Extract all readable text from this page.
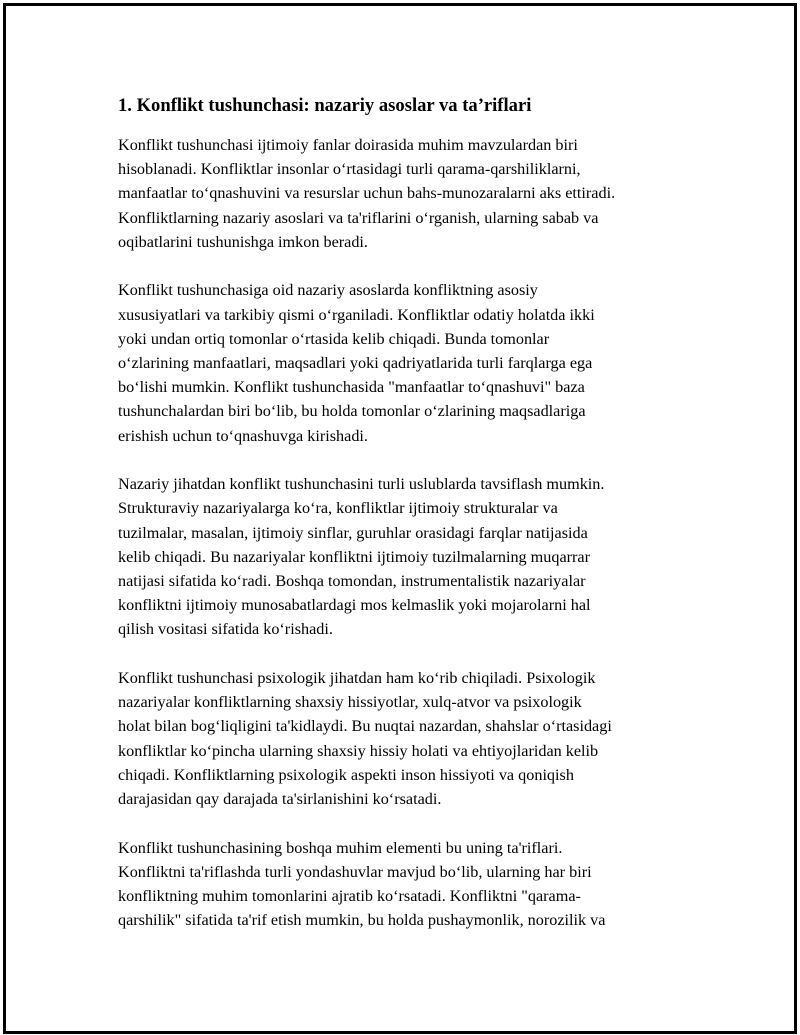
1. Konflikt tushunchasi: nazariy asoslar va ta’riflari
Konflikt tushunchasi ijtimoiy fanlar doirasida muhim mavzulardan biri
hisoblanadi. Konfliktlar insonlar oʻrtasidagi turli qarama-qarshiliklarni,
manfaatlar toʻqnashuvini va resurslar uchun bahs-munozaralarni aks ettiradi.
Konfliktlarning nazariy asoslari va ta'riflarini oʻrganish, ularning sabab va
oqibatlarini tushunishga imkon beradi.
Konflikt tushunchasiga oid nazariy asoslarda konfliktning asosiy
xususiyatlari va tarkibiy qismi oʻrganiladi. Konfliktlar odatiy holatda ikki
yoki undan ortiq tomonlar oʻrtasida kelib chiqadi. Bunda tomonlar
oʻzlarining manfaatlari, maqsadlari yoki qadriyatlarida turli farqlarga ega
boʻlishi mumkin. Konflikt tushunchasida "manfaatlar toʻqnashuvi" baza
tushunchalardan biri boʻlib, bu holda tomonlar oʻzlarining maqsadlariga
erishish uchun toʻqnashuvga kirishadi.
Nazariy jihatdan konflikt tushunchasini turli uslublarda tavsiflash mumkin.
Strukturaviy nazariyalarga koʻra, konfliktlar ijtimoiy strukturalar va
tuzilmalar, masalan, ijtimoiy sinflar, guruhlar orasidagi farqlar natijasida
kelib chiqadi. Bu nazariyalar konfliktni ijtimoiy tuzilmalarning muqarrar
natijasi sifatida koʻradi. Boshqa tomondan, instrumentalistik nazariyalar
konfliktni ijtimoiy munosabatlardagi mos kelmaslik yoki mojarolarni hal
qilish vositasi sifatida koʻrishadi.
Konflikt tushunchasi psixologik jihatdan ham koʻrib chiqiladi. Psixologik
nazariyalar konfliktlarning shaxsiy hissiyotlar, xulq-atvor va psixologik
holat bilan bogʻliqligini ta'kidlaydi. Bu nuqtai nazardan, shahslar oʻrtasidagi
konfliktlar koʻpincha ularning shaxsiy hissiy holati va ehtiyojlaridan kelib
chiqadi. Konfliktlarning psixologik aspekti inson hissiyoti va qoniqish
darajasidan qay darajada ta'sirlanishini koʻrsatadi.
Konflikt tushunchasining boshqa muhim elementi bu uning ta'riflari.
Konfliktni ta'riflashda turli yondashuvlar mavjud boʻlib, ularning har biri
konfliktning muhim tomonlarini ajratib koʻrsatadi. Konfliktni "qarama-
qarshilik" sifatida ta'rif etish mumkin, bu holda pushaymonlik, norozilik va
